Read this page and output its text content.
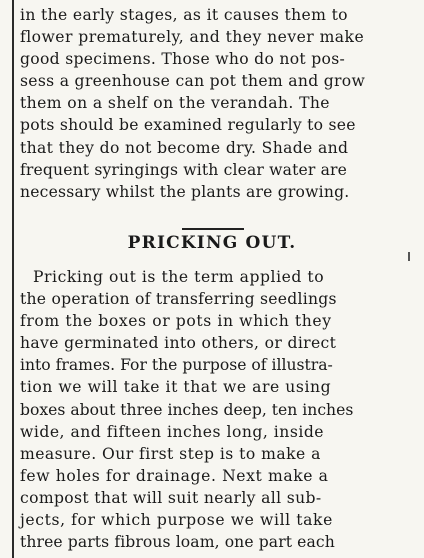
in the early stages, as it causes them to
flower prematurely, and they never make
good specimens. Those who do not pos-
sess a greenhouse can pot them and grow
them on a shelf on the verandah. The
pots should be examined regularly to see
that they do not become dry. Shade and
frequent syringings with clear water are
necessary whilst the plants are growing.
PRICKING OUT.
Pricking out is the term applied to
the operation of transferring seedlings
from the boxes or pots in which they
have germinated into others, or direct
into frames. For the purpose of illustra-
tion we will take it that we are using
boxes about three inches deep, ten inches
wide, and fifteen inches long, inside
measure. Our first step is to make a
few holes for drainage. Next make a
compost that will suit nearly all sub-
jects, for which purpose we will take
three parts fibrous loam, one part each
